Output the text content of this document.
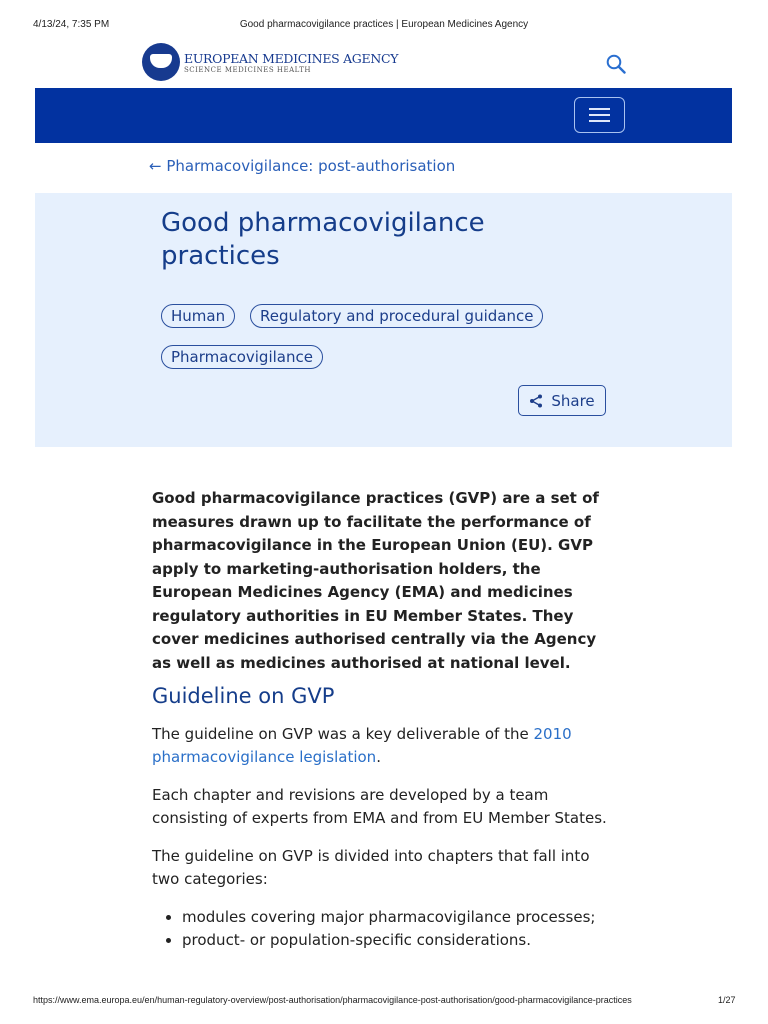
4/13/24, 7:35 PM	Good pharmacovigilance practices | European Medicines Agency
https://www.ema.europa.eu/en/human-regulatory-overview/post-authorisation/pharmacovigilance-post-authorisation/good-pharmacovigilance-practices	1/27
EUROPEAN MEDICINES AGENCY
SCIENCE MEDICINES HEALTH
← Pharmacovigilance: post-authorisation
Good pharmacovigilance practices
Human	Regulatory and procedural guidance
Pharmacovigilance
Share

Good pharmacovigilance practices (GVP) are a set of measures drawn up to facilitate the performance of pharmacovigilance in the European Union (EU). GVP apply to marketing-authorisation holders, the European Medicines Agency (EMA) and medicines regulatory authorities in EU Member States. They cover medicines authorised centrally via the Agency as well as medicines authorised at national level.

Guideline on GVP

The guideline on GVP was a key deliverable of the 2010 pharmacovigilance legislation.

Each chapter and revisions are developed by a team consisting of experts from EMA and from EU Member States.

The guideline on GVP is divided into chapters that fall into two categories:

• modules covering major pharmacovigilance processes;
• product- or population-specific considerations.
